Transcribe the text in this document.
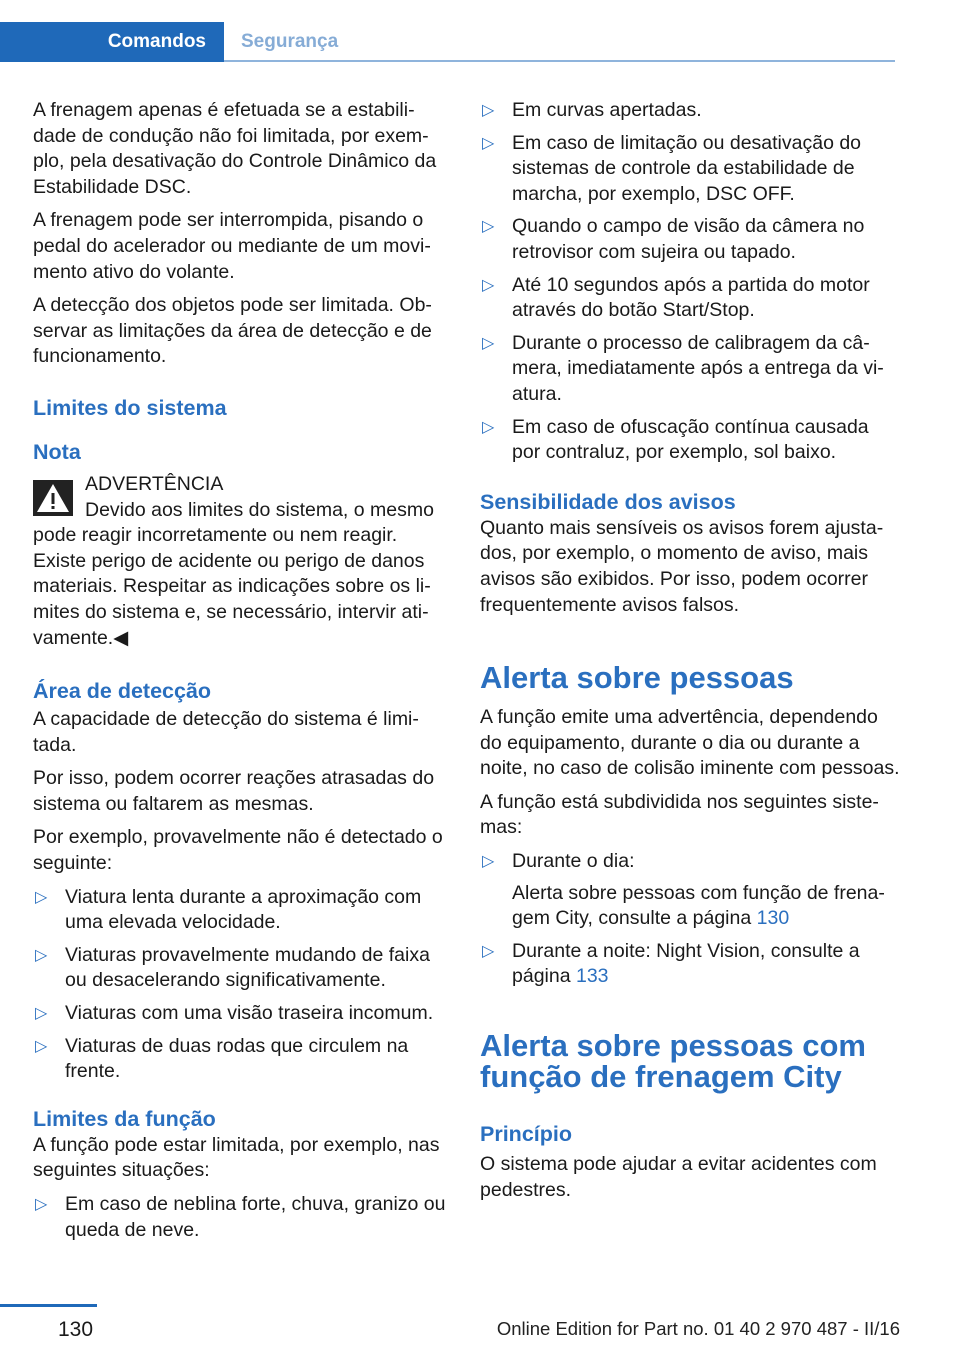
Comandos Segurança

A frenagem apenas é efetuada se a estabilidade de condução não foi limitada, por exemplo, pela desativação do Controle Dinâmico da Estabilidade DSC.

A frenagem pode ser interrompida, pisando o pedal do acelerador ou mediante de um movimento ativo do volante.

A detecção dos objetos pode ser limitada. Observar as limitações da área de detecção e de funcionamento.

Limites do sistema
Nota
ADVERTÊNCIA
Devido aos limites do sistema, o mesmo
pode reagir incorretamente ou nem reagir. Existe perigo de acidente ou perigo de danos materiais. Respeitar as indicações sobre os limites do sistema e, se necessário, intervir ativamente.◀
Área de detecção

A capacidade de detecção do sistema é limitada.

Por isso, podem ocorrer reações atrasadas do sistema ou faltarem as mesmas.

Por exemplo, provavelmente não é detectado o seguinte:

▷ Viatura lenta durante a aproximação com uma elevada velocidade.
▷ Viaturas provavelmente mudando de faixa ou desacelerando significativamente.
▷ Viaturas com uma visão traseira incomum.
▷ Viaturas de duas rodas que circulem na frente.
Limites da função

A função pode estar limitada, por exemplo, nas seguintes situações:

▷ Em caso de neblina forte, chuva, granizo ou queda de neve.
▷ Em curvas apertadas.
▷ Em caso de limitação ou desativação do sistemas de controle da estabilidade de marcha, por exemplo, DSC OFF.
▷ Quando o campo de visão da câmera no retrovisor com sujeira ou tapado.
▷ Até 10 segundos após a partida do motor através do botão Start/Stop.
▷ Durante o processo de calibragem da câmera, imediatamente após a entrega da viatura.
▷ Em caso de ofuscação contínua causada por contraluz, por exemplo, sol baixo.
Sensibilidade dos avisos

Quanto mais sensíveis os avisos forem ajustados, por exemplo, o momento de aviso, mais avisos são exibidos. Por isso, podem ocorrer frequentemente avisos falsos.

Alerta sobre pessoas

A função emite uma advertência, dependendo do equipamento, durante o dia ou durante a noite, no caso de colisão iminente com pessoas.

A função está subdividida nos seguintes sistemas:

▷ Durante o dia:
Alerta sobre pessoas com função de frenagem City, consulte a página 130
▷ Durante a noite: Night Vision, consulte a página 133
Alerta sobre pessoas com função de frenagem City
Princípio

O sistema pode ajudar a evitar acidentes com pedestres.

130	Online Edition for Part no. 01 40 2 970 487 - II/16
